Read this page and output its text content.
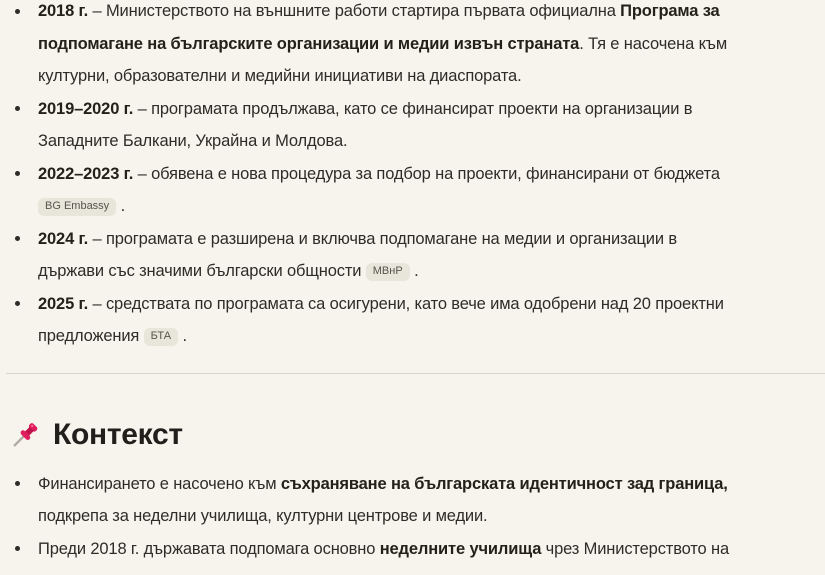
2018 г. – Министерството на външните работи стартира първата официална Програма за
подпомагане на българските организации и медии извън страната. Тя е насочена към
културни, образователни и медийни инициативи на диаспората.
2019–2020 г. – програмата продължава, като се финансират проекти на организации в
Западните Балкани, Украйна и Молдова.
2022–2023 г. – обявена е нова процедура за подбор на проекти, финансирани от бюджета
BG Embassy .
2024 г. – програмата е разширена и включва подпомагане на медии и организации в
държави със значими български общности МВнР .
2025 г. – средствата по програмата са осигурени, като вече има одобрени над 20 проектни
предложения БТА .
Контекст
Финансирането е насочено към съхраняване на българската идентичност зад граница,
подкрепа за неделни училища, културни центрове и медии.
Преди 2018 г. държавата подпомага основно неделните училища чрез Министерството на
